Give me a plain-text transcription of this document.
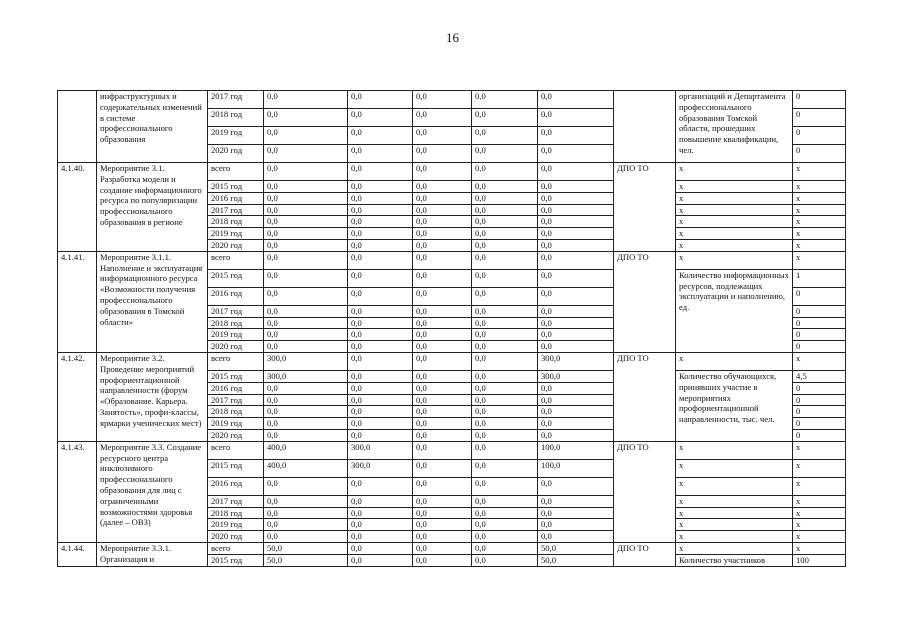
16
	инфраструктурных и содержательных изменений в системе профессионального образования	2017 год	0,0	0,0	0,0	0,0	0,0		организаций и Департамента профессионального образования Томской области, прошедших повышение квалификации, чел.	0
		2018 год	0,0	0,0	0,0	0,0	0,0			0
		2019 год	0,0	0,0	0,0	0,0	0,0			0
		2020 год	0,0	0,0	0,0	0,0	0,0			0
4.1.40.	Мероприятие 3.1. Разработка модели и создание информационного ресурса по популяризации профессионального образования в регионе	всего	0,0	0,0	0,0	0,0	0,0	ДПО ТО	х	х
		2015 год	0,0	0,0	0,0	0,0	0,0		х	х
		2016 год	0,0	0,0	0,0	0,0	0,0		х	х
		2017 год	0,0	0,0	0,0	0,0	0,0		х	х
		2018 год	0,0	0,0	0,0	0,0	0,0		х	х
		2019 год	0,0	0,0	0,0	0,0	0,0		х	х
		2020 год	0,0	0,0	0,0	0,0	0,0		х	х
4.1.41.	Мероприятие 3.1.1. Наполнение и эксплуатация информационного ресурса «Возможности получения профессионального образования в Томской области»	всего	0,0	0,0	0,0	0,0	0,0	ДПО ТО	х	х
		2015 год	0,0	0,0	0,0	0,0	0,0		Количество информационных ресурсов, подлежащих эксплуатации и наполнению, ед.	1
		2016 год	0,0	0,0	0,0	0,0	0,0			0
		2017 год	0,0	0,0	0,0	0,0	0,0			0
		2018 год	0,0	0,0	0,0	0,0	0,0			0
		2019 год	0,0	0,0	0,0	0,0	0,0			0
		2020 год	0,0	0,0	0,0	0,0	0,0			0
4.1.42.	Мероприятие 3.2. Проведение мероприятий профориентационной направленности (форум «Образование. Карьера. Занятость», профи-классы, ярмарки ученических мест)	всего	300,0	0,0	0,0	0,0	300,0	ДПО ТО	х	х
		2015 год	300,0	0,0	0,0	0,0	300,0		Количество обучающихся, принявших участие в мероприятиях профориентационной направленности, тыс. чел.	4,5
		2016 год	0,0	0,0	0,0	0,0	0,0			0
		2017 год	0,0	0,0	0,0	0,0	0,0			0
		2018 год	0,0	0,0	0,0	0,0	0,0			0
		2019 год	0,0	0,0	0,0	0,0	0,0			0
		2020 год	0,0	0,0	0,0	0,0	0,0			0
4.1.43.	Мероприятие 3.3. Создание ресурсного центра инклюзивного профессионального образования для лиц с ограниченными возможностями здоровья (далее – ОВЗ)	всего	400,0	300,0	0,0	0,0	100,0	ДПО ТО	х	х
		2015 год	400,0	300,0	0,0	0,0	100,0		х	х
		2016 год	0,0	0,0	0,0	0,0	0,0		х	х
		2017 год	0,0	0,0	0,0	0,0	0,0		х	х
		2018 год	0,0	0,0	0,0	0,0	0,0		х	х
		2019 год	0,0	0,0	0,0	0,0	0,0		х	х
		2020 год	0,0	0,0	0,0	0,0	0,0		х	х
4.1.44.	Мероприятие 3.3.1. Организация и	всего	50,0	0,0	0,0	0,0	50,0	ДПО ТО	х	х
		2015 год	50,0	0,0	0,0	0,0	50,0		Количество участников	100
